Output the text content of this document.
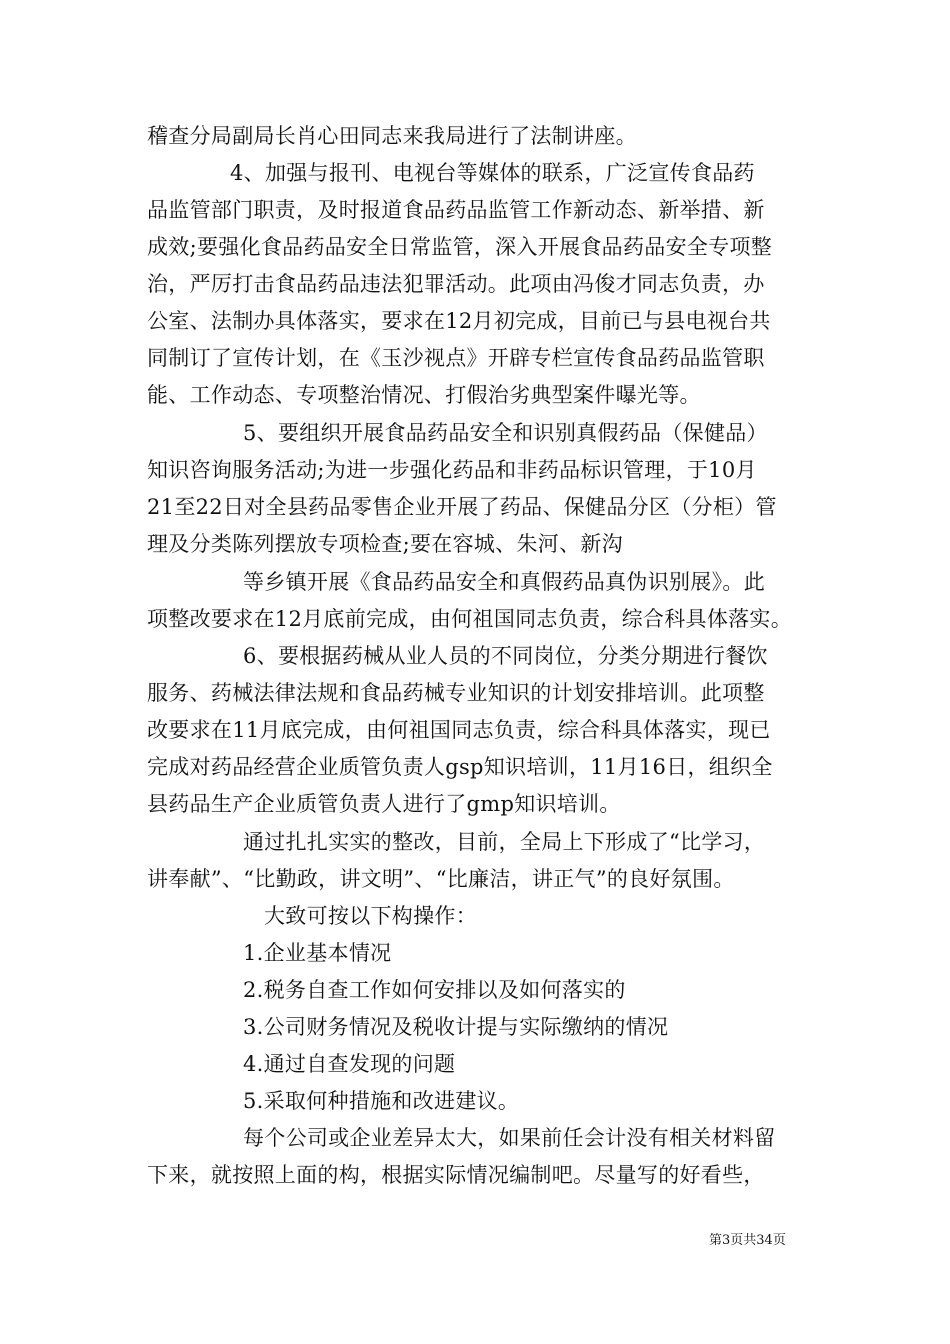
稽查分局副局长肖心田同志来我局进行了法制讲座。
4、加强与报刊、电视台等媒体的联系，广泛宣传食品药
品监管部门职责，及时报道食品药品监管工作新动态、新举措、新
成效;要强化食品药品安全日常监管，深入开展食品药品安全专项整
治，严厉打击食品药品违法犯罪活动。此项由冯俊才同志负责，办
公室、法制办具体落实，要求在12月初完成，目前已与县电视台共
同制订了宣传计划，在《玉沙视点》开辟专栏宣传食品药品监管职
能、工作动态、专项整治情况、打假治劣典型案件曝光等。
5、要组织开展食品药品安全和识别真假药品（保健品）
知识咨询服务活动;为进一步强化药品和非药品标识管理，于10月
21至22日对全县药品零售企业开展了药品、保健品分区（分柜）管
理及分类陈列摆放专项检查;要在容城、朱河、新沟
等乡镇开展《食品药品安全和真假药品真伪识别展》。此
项整改要求在12月底前完成，由何祖国同志负责，综合科具体落实。
6、要根据药械从业人员的不同岗位，分类分期进行餐饮
服务、药械法律法规和食品药械专业知识的计划安排培训。此项整
改要求在11月底完成，由何祖国同志负责，综合科具体落实，现已
完成对药品经营企业质管负责人gsp知识培训，11月16日，组织全
县药品生产企业质管负责人进行了gmp知识培训。
通过扎扎实实的整改，目前，全局上下形成了“比学习，
讲奉献”、“比勤政，讲文明”、“比廉洁，讲正气”的良好氛围。
大致可按以下构操作：
1.企业基本情况
2.税务自查工作如何安排以及如何落实的
3.公司财务情况及税收计提与实际缴纳的情况
4.通过自查发现的问题
5.采取何种措施和改进建议。
每个公司或企业差异太大，如果前任会计没有相关材料留
下来，就按照上面的构，根据实际情况编制吧。尽量写的好看些，
第3页共34页
